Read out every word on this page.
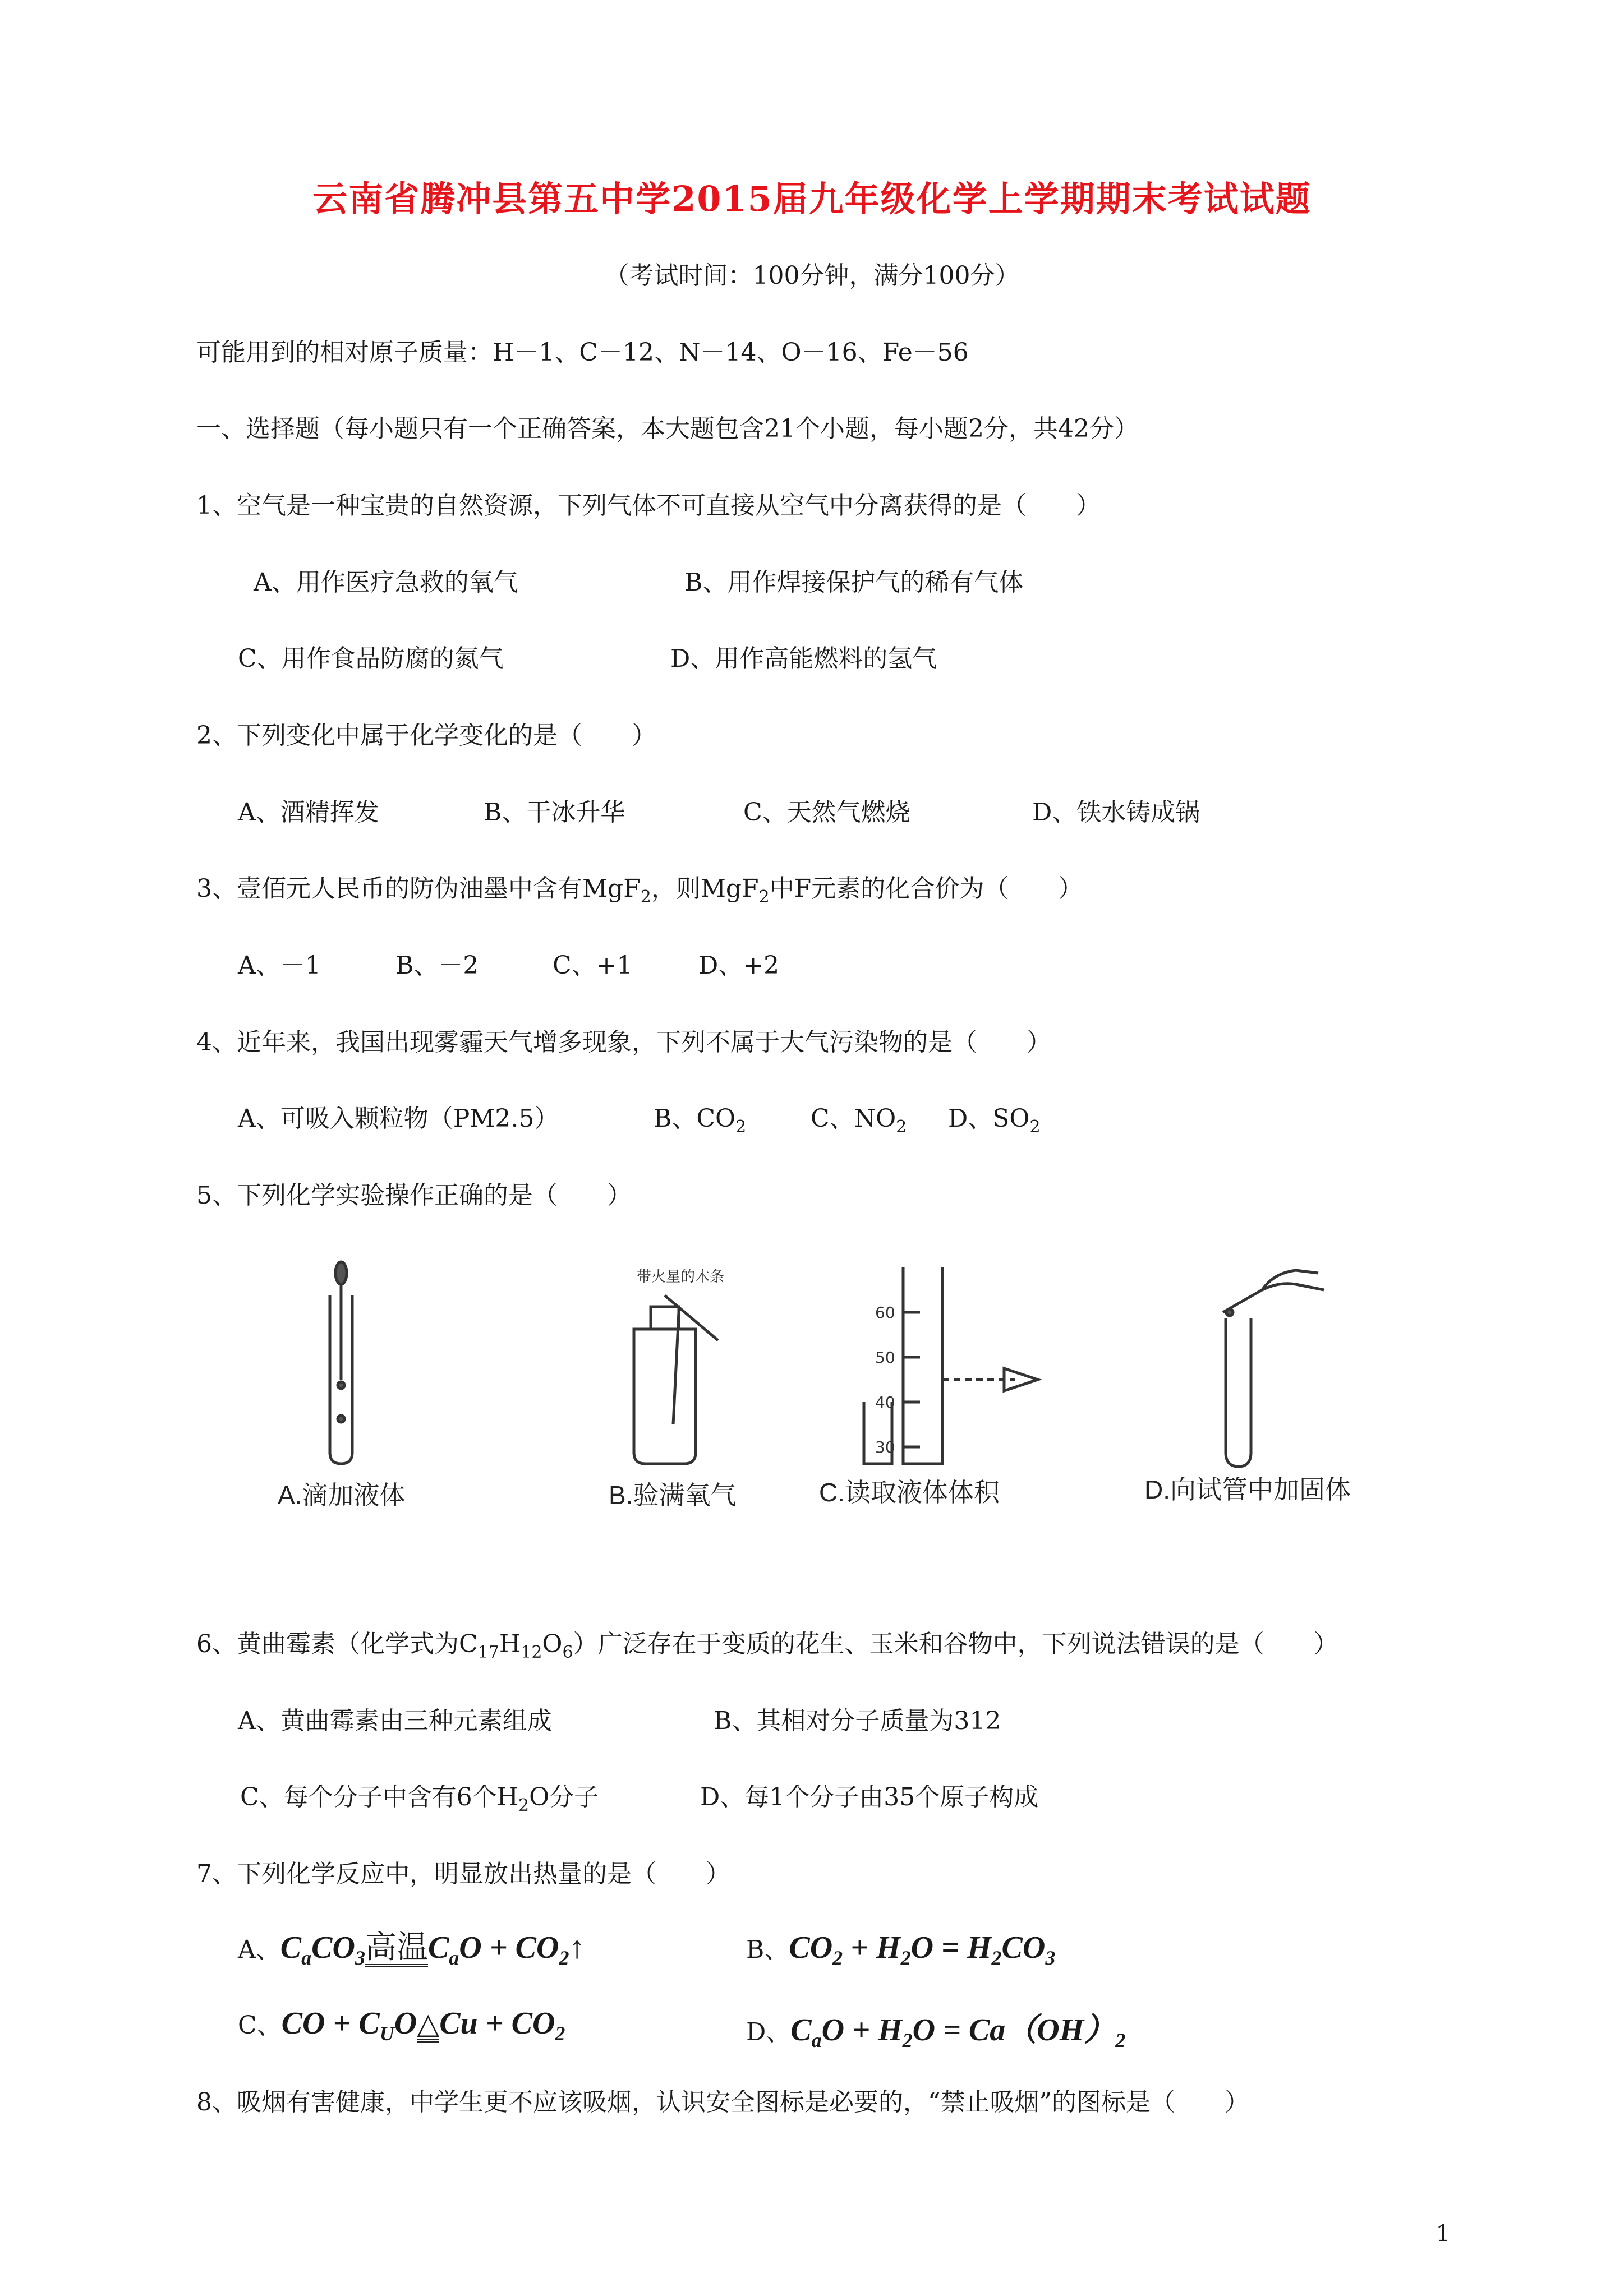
云南省腾冲县第五中学2015届九年级化学上学期期末考试试题
（考试时间：100分钟，满分100分）
可能用到的相对原子质量：H－1、C－12、N－14、O－16、Fe－56
一、选择题（每小题只有一个正确答案，本大题包含21个小题，每小题2分，共42分）
1、空气是一种宝贵的自然资源，下列气体不可直接从空气中分离获得的是（　　）
A、用作医疗急救的氧气	B、用作焊接保护气的稀有气体
C、用作食品防腐的氮气	D、用作高能燃料的氢气
2、下列变化中属于化学变化的是（　　）
A、酒精挥发	B、干冰升华	C、天然气燃烧	D、铁水铸成锅
3、壹佰元人民币的防伪油墨中含有MgF$_2$，则MgF$_2$中F元素的化合价为（　　）
A、－1	B、－2	C、+1	D、+2
4、近年来，我国出现雾霾天气增多现象，下列不属于大气污染物的是（　　）
A、可吸入颗粒物（PM2.5）	B、$CO_2$	C、$NO_2$ D、$SO_2$
5、下列化学实验操作正确的是（　　）
带火星的木条
60
50
40
30
A.滴加液体	B.验满氧气	C.读取液体体积	D.向试管中加固体
6、黄曲霉素（化学式为$C_{17}H_{12}O_6$）广泛存在于变质的花生、玉米和谷物中，下列说法错误的是（　　）
A、黄曲霉素由三种元素组成	B、其相对分子质量为312
C、每个分子中含有6个$H_2O$分子	D、每1个分子由35个原子构成
7、下列化学反应中，明显放出热量的是（　　）
A、$C_aCO_3$高温$C_aO$ + $CO_2↑$	B、$CO_2 + H_2O = H_2CO_3$
C、CO + $C_UO\triangle Cu + CO_2$	D、$C_aO + H_2O = Ca(OH)_2$
8、吸烟有害健康，中学生更不应该吸烟，认识安全图标是必要的，“禁止吸烟”的图标是（　　）
1
